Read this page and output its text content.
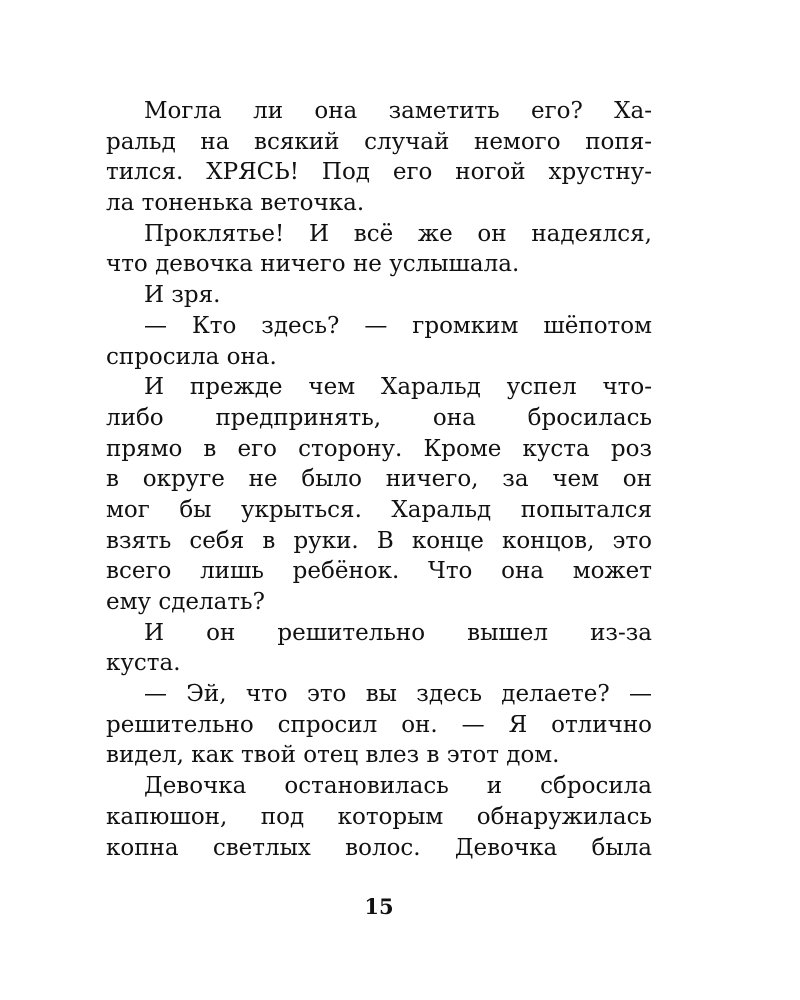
Могла ли она заметить его? Ха-
ральд на всякий случай немого попя-
тился. ХРЯСЬ! Под его ногой хрустну-
ла тоненька веточка.
Проклятье! И всё же он надеялся,
что девочка ничего не услышала.
И зря.
— Кто здесь? — громким шёпотом
спросила она.
И прежде чем Харальд успел что-
либо предпринять, она бросилась
прямо в его сторону. Кроме куста роз
в округе не было ничего, за чем он
мог бы укрыться. Харальд попытался
взять себя в руки. В конце концов, это
всего лишь ребёнок. Что она может
ему сделать?
И он решительно вышел из-за
куста.
— Эй, что это вы здесь делаете? —
решительно спросил он. — Я отлично
видел, как твой отец влез в этот дом.
Девочка остановилась и сбросила
капюшон, под которым обнаружилась
копна светлых волос. Девочка была
15
